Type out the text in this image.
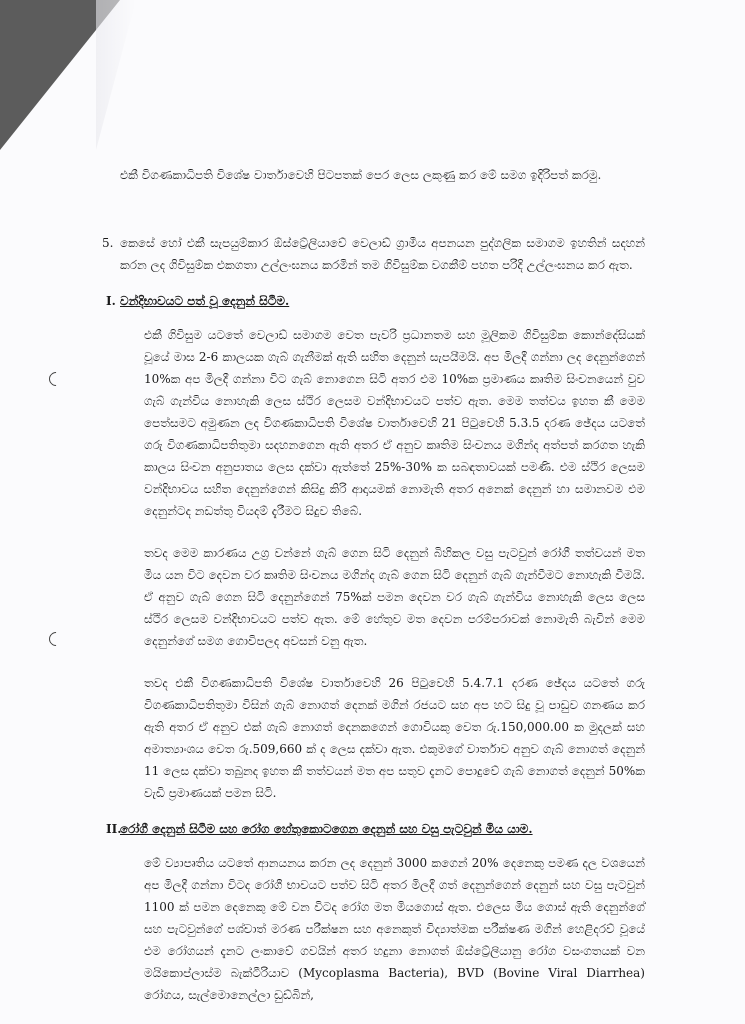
එකී විගණකාධිපති විශේෂ වාර්තාවෙහි පිටපතක් පෙර ලෙස ලකුණු කර මේ සමග ඉදිරිපත් කරමු.

5. කෙසේ හෝ එකී සැපයුම්කාර ඕස්ට්‍රේලියාවේ වෙලාඩ් ග්‍රාමීය අපනයන පුද්ගලික සමාගම ඉහතින් සදහන් කරන ලද ගිවිසුම්ක එකගතා උල්ලංඝනය කරමින් තම ගිවිසුම්ක වගකීම් පහත පරිදි උල්ලංඝනය කර ඇත.

I. වන්දිභාවයට පත් වූ දෙනුන් සිටීම.

එකී ගිවිසුම යටතේ වෙලාඩ් සමාගම වෙත පැවරි ප්‍රධානතම සහ මූලිකම ගිවිසුම්ක කොන්දේසියක් වූයේ මාස 2-6 කාලයක ගැබ් ගැනීමක් ඇති සහිත දෙනුන් සැපයීමයි. අප මිලදී ගන්නා ලද දෙනුන්ගෙන් 10%ක අප මිලදී ගන්නා විට ගැබ් නොගෙන සිටි අතර එම 10%ක ප්‍රමාණය කෘතිම සිංචනයෙන් වුව ගැබ් ගැන්විය නොහැකි ලෙස ස්ථිර ලෙසම වන්දිභාවයට පත්ව ඇත. මෙම තත්වය ඉහත කී මෙම පෙත්සමට අමුණන ලද විගණකාධිපති විශේෂ වාර්තාවෙහි 21 පිටුවෙහි 5.3.5 දරණ ඡේදය යටතේ ගරු විගණකාධිපතිතුමා සදහනගෙන ඇති අතර ඒ අනුව කෘතිම සිංචනය මගින්ද අත්පත් කරගත හැකි කාලය සිංචන අනුපාතය ලෙස දක්වා ඇත්තේ 25%-30% ක සබඳතාවයක් පමණි. එම ස්ථිර ලෙසම වන්දිභාවය සහිත දෙනුන්ගෙන් කිසිදු කිරි ආදායමක් නොමැති අතර අනෙක් දෙනුන් හා සමානවම එම දෙනුන්ටද නඩත්තු වියදම් දැරීමට සිදුව තිබේ.

තවද මෙම කාරණය උග්‍ර වන්නේ ගැබ් ගෙන සිටි දෙනුන් බිහිකල වසු පැටවුන් රෝගී තත්වයන් මත මිය යන විට දෙවන වර කෘතිම සිංචනය මගින්ද ගැබ් ගෙන සිටි දෙනුන් ගැබ් ගැන්වීමට නොහැකි වීමයි. ඒ අනුව ගැබ් ගෙන සිටි දෙනුන්ගෙන් 75%ක් පමන දෙවන වර ගැබ් ගැන්විය නොහැකි ලෙස ලෙස ස්ථිර ලෙසම වන්දිභාවයට පත්ව ඇත. මේ හේතුව මත දෙවන පරම්පරාවක් නොමැති බැවින් මෙම දෙනුන්ගේ සමග ගොවිපලද අවසන් වනු ඇත.

තවද එකී විගණකාධිපති විශේෂ වාර්තාවෙහි 26 පිටුවෙහි 5.4.7.1 දරණ ඡේදය යටතේ ගරු විගණකාධිපතිතුමා විසින් ගැබ් නොගත් දෙනක් මගින් රජයට සහ අප හට සිදු වූ පාඩුව ගනණය කර ඇති අතර ඒ අනුව එක් ගැබ් නොගත් දෙනකගෙන් ගොවියකු වෙත රු.150,000.00 ක මුදලක් සහ අමාත්‍යාංශය වෙත රු.509,660 ක් ද ලෙස දක්වා ඇත. එකුමගේ වාර්තාව අනුව ගැබ් නොගත් දෙනුන් 11 ලෙස දක්වා තබුනද ඉහත කී තත්වයන් මත අප සතුව දැනට පොදුවේ ගැබ් නොගත් දෙනුන් 50%ක වැඩි ප්‍රමාණයක් පමන සිටි.

II.
රෝගී දෙනුන් සිටීම සහ රෝග හේතුකොටගෙන දෙනුන් සහ වසු පැටවුන් මිය යාම.

මේ ව්‍යාපෘතිය යටතේ ආනයනය කරන ලද දෙනුන් 3000 කගෙන් 20% දෙනෙකු පමණ දල වශයෙන් අප මිලදී ගන්නා විටද රෝගී භාවයට පත්ව සිටි අතර මිලදී ගත් දෙනුන්ගෙන් දෙනුන් සහ වසු පැටවුන් 1100 ක් පමන දෙනෙකු මේ වන විටද රෝග මත මියගොස් ඇත. එලෙස මිය ගොස් ඇති දෙනුන්ගේ සහ පැටවුන්ගේ පශ්චාත් මරණ පරීක්ෂන සහ අනෙකුත් විද්‍යාත්මක පරීක්ෂණ මගින් හෙළිදරව් වූයේ එම රෝගයන් දැනට ලංකාවේ ගවයින් අතර හදුනා නොගත් ඕස්ට්‍රේලියානු රෝග වසංගතයක් වන මයිකොප්ලාස්ම බැක්ටීරියාව (Mycoplasma Bacteria), BVD (Bovine Viral Diarrhea) රෝගය, සැල්මොනෙල්ලා ඩුඩ්බින්,
